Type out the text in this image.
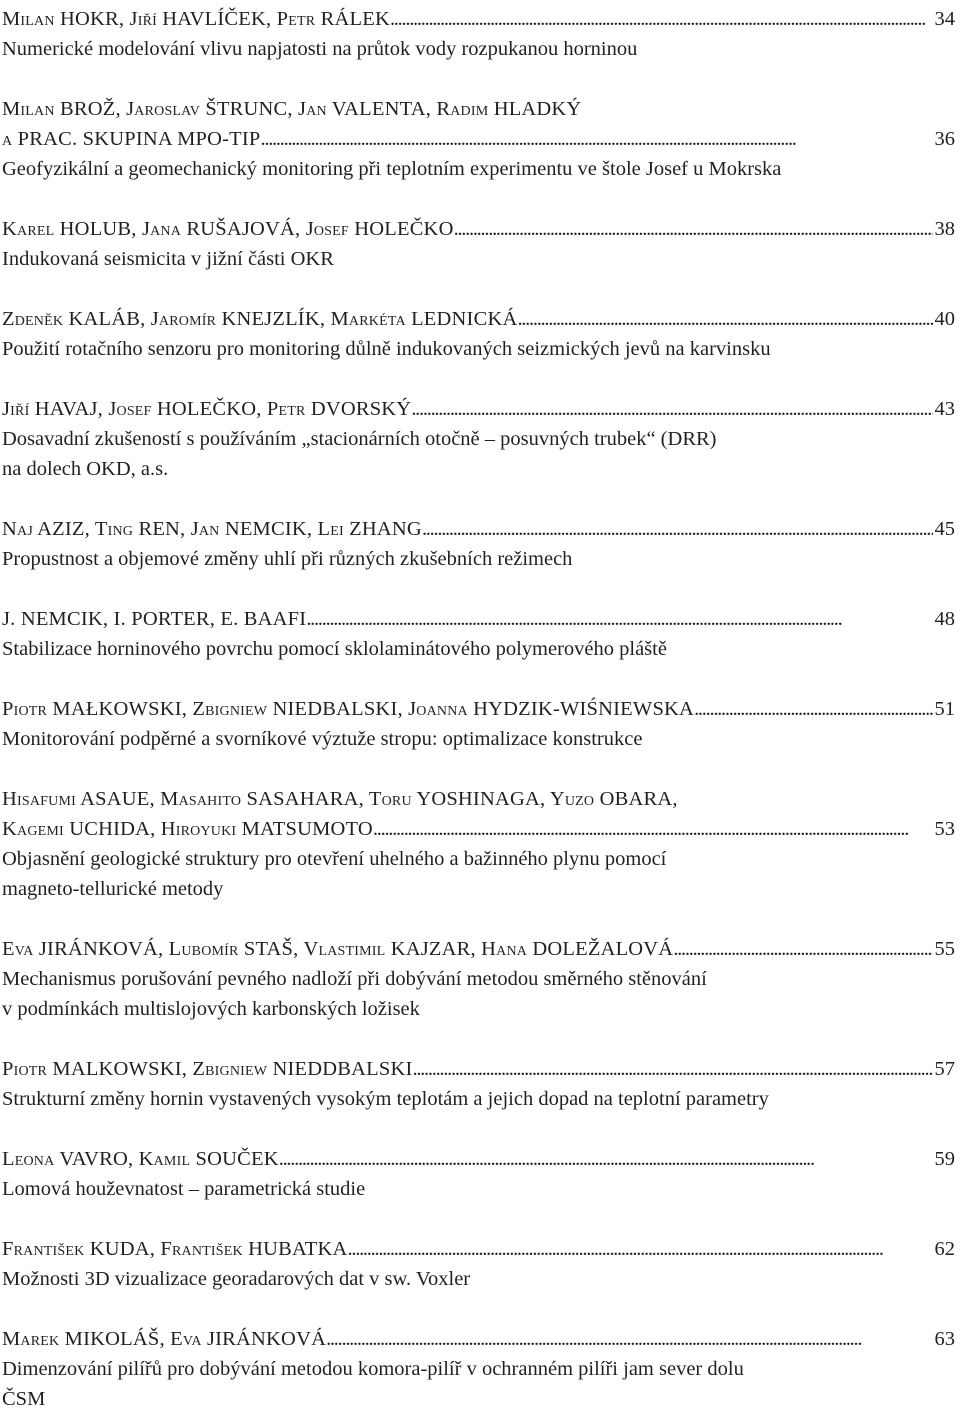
Milan HOKR, Jiří HAVLÍČEK, Petr RÁLEK . . .	34
Numerické modelování vlivu napjatosti na průtok vody rozpukanou horninou
Milan BROŽ, Jaroslav ŠTRUNC, Jan VALENTA, Radim HLADKÝ
a PRAC. SKUPINA MPO-TIP . . .	36
Geofyzikální a geomechanický monitoring při teplotním experimentu ve štole Josef u Mokrska
Karel HOLUB, Jana RUŠAJOVÁ, Josef HOLEČKO . . .	38
Indukovaná seismicita v jižní části OKR
Zdeněk KALÁB, Jaromír KNEJZLÍK, Markéta LEDNICKÁ . . .	40
Použití rotačního senzoru pro monitoring důlně indukovaných seizmických jevů na karvinsku
Jiří HAVAJ, Josef HOLEČKO, Petr DVORSKÝ . . .	43
Dosavadní zkušeností s používáním „stacionárních otočně – posuvných trubek“ (DRR)
na dolech OKD, a.s.
Naj AZIZ, Ting REN, Jan NEMCIK, Lei ZHANG . . .	45
Propustnost a objemové změny uhlí při různých zkušebních režimech
J. NEMCIK, I. PORTER, E. BAAFI . . .	48
Stabilizace horninového povrchu pomocí sklolaminátového polymerového pláště
Piotr MAŁKOWSKI, Zbigniew NIEDBALSKI, Joanna HYDZIK-WIŚNIEWSKA . . .	51
Monitorování podpěrné a svorníkové výztuže stropu: optimalizace konstrukce
Hisafumi ASAUE, Masahito SASAHARA, Toru YOSHINAGA, Yuzo OBARA,
Kagemi UCHIDA, Hiroyuki MATSUMOTO . . .	53
Objasnění geologické struktury pro otevření uhelného a bažinného plynu pomocí
magneto-tellurické metody
Eva JIRÁNKOVÁ, Lubomír STAŠ, Vlastimil KAJZAR, Hana DOLEŽALOVÁ . . .	55
Mechanismus porušování pevného nadloží při dobývání metodou směrného stěnování
v podmínkách multislojových karbonských ložisek
Piotr MALKOWSKI, Zbigniew NIEDDBALSKI . . .	57
Strukturní změny hornin vystavených vysokým teplotám a jejich dopad na teplotní parametry
Leona VAVRO, Kamil SOUČEK . . .	59
Lomová houževnatost – parametrická studie
František KUDA, František HUBATKA . . .	62
Možnosti 3D vizualizace georadarových dat v sw. Voxler
Marek MIKOLÁŠ, Eva JIRÁNKOVÁ . . .	63
Dimenzování pilířů pro dobývání metodou komora-pilíř v ochranném pilíři jam sever dolu
ČSM
